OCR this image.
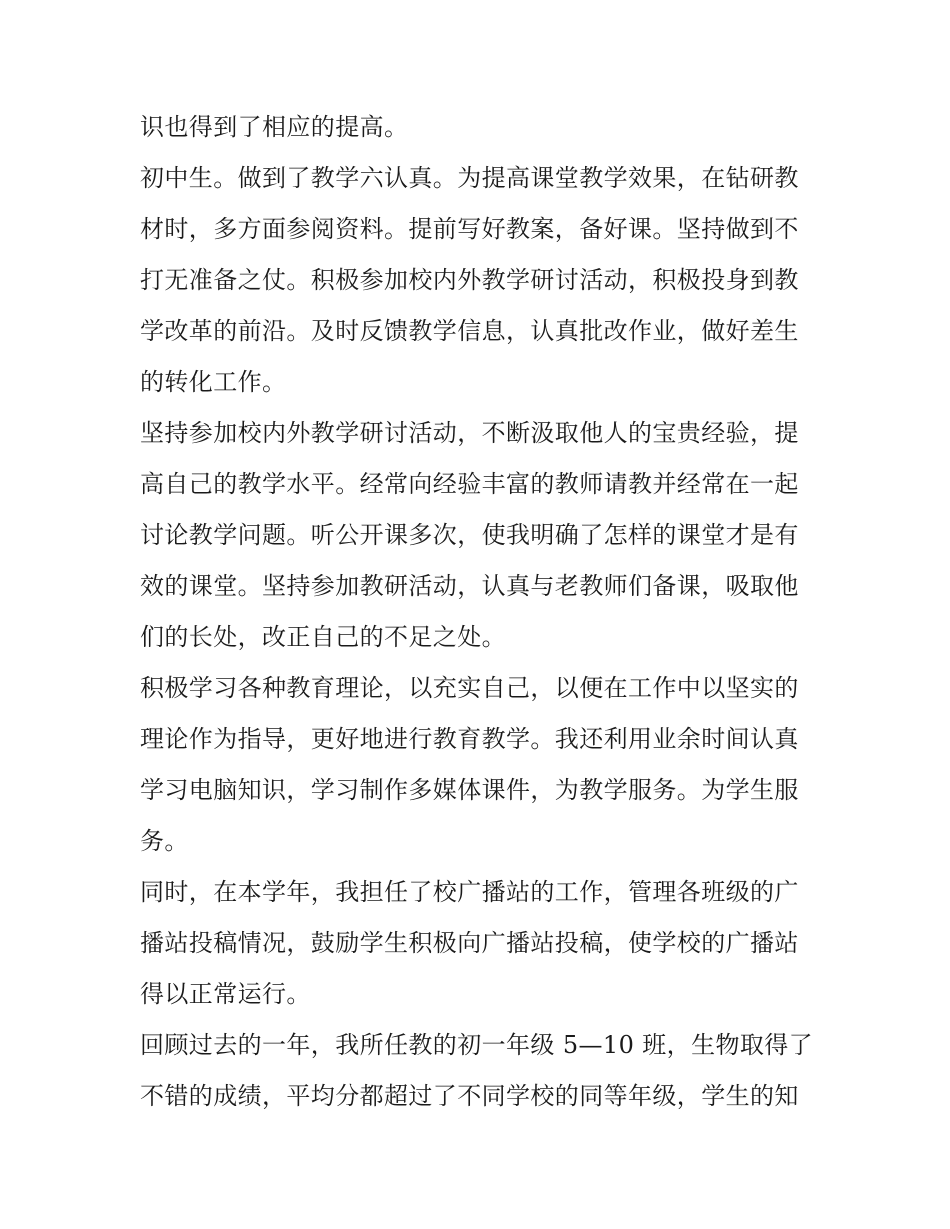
识也得到了相应的提高。
初中生。做到了教学六认真。为提高课堂教学效果，在钻研教
材时，多方面参阅资料。提前写好教案，备好课。坚持做到不
打无准备之仗。积极参加校内外教学研讨活动，积极投身到教
学改革的前沿。及时反馈教学信息，认真批改作业，做好差生
的转化工作。
坚持参加校内外教学研讨活动，不断汲取他人的宝贵经验，提
高自己的教学水平。经常向经验丰富的教师请教并经常在一起
讨论教学问题。听公开课多次，使我明确了怎样的课堂才是有
效的课堂。坚持参加教研活动，认真与老教师们备课，吸取他
们的长处，改正自己的不足之处。
积极学习各种教育理论，以充实自己，以便在工作中以坚实的
理论作为指导，更好地进行教育教学。我还利用业余时间认真
学习电脑知识，学习制作多媒体课件，为教学服务。为学生服
务。
同时，在本学年，我担任了校广播站的工作，管理各班级的广
播站投稿情况，鼓励学生积极向广播站投稿，使学校的广播站
得以正常运行。
回顾过去的一年，我所任教的初一年级 5—10 班，生物取得了
不错的成绩，平均分都超过了不同学校的同等年级，学生的知
